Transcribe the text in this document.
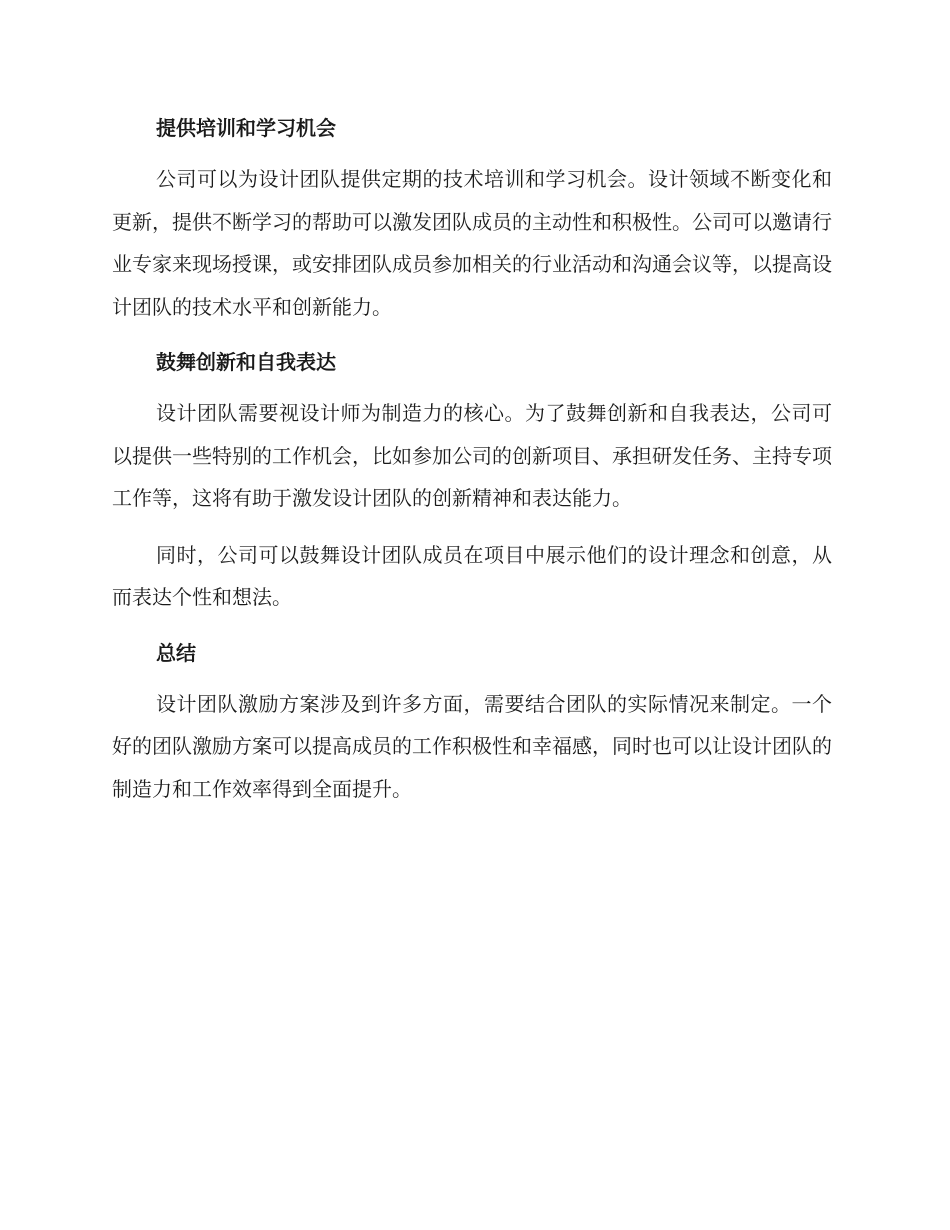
提供培训和学习机会

公司可以为设计团队提供定期的技术培训和学习机会。设计领域不断变化和更新，提供不断学习的帮助可以激发团队成员的主动性和积极性。公司可以邀请行业专家来现场授课，或安排团队成员参加相关的行业活动和沟通会议等，以提高设计团队的技术水平和创新能力。

鼓舞创新和自我表达

设计团队需要视设计师为制造力的核心。为了鼓舞创新和自我表达，公司可以提供一些特别的工作机会，比如参加公司的创新项目、承担研发任务、主持专项工作等，这将有助于激发设计团队的创新精神和表达能力。

同时，公司可以鼓舞设计团队成员在项目中展示他们的设计理念和创意，从而表达个性和想法。

总结

设计团队激励方案涉及到许多方面，需要结合团队的实际情况来制定。一个好的团队激励方案可以提高成员的工作积极性和幸福感，同时也可以让设计团队的制造力和工作效率得到全面提升。
